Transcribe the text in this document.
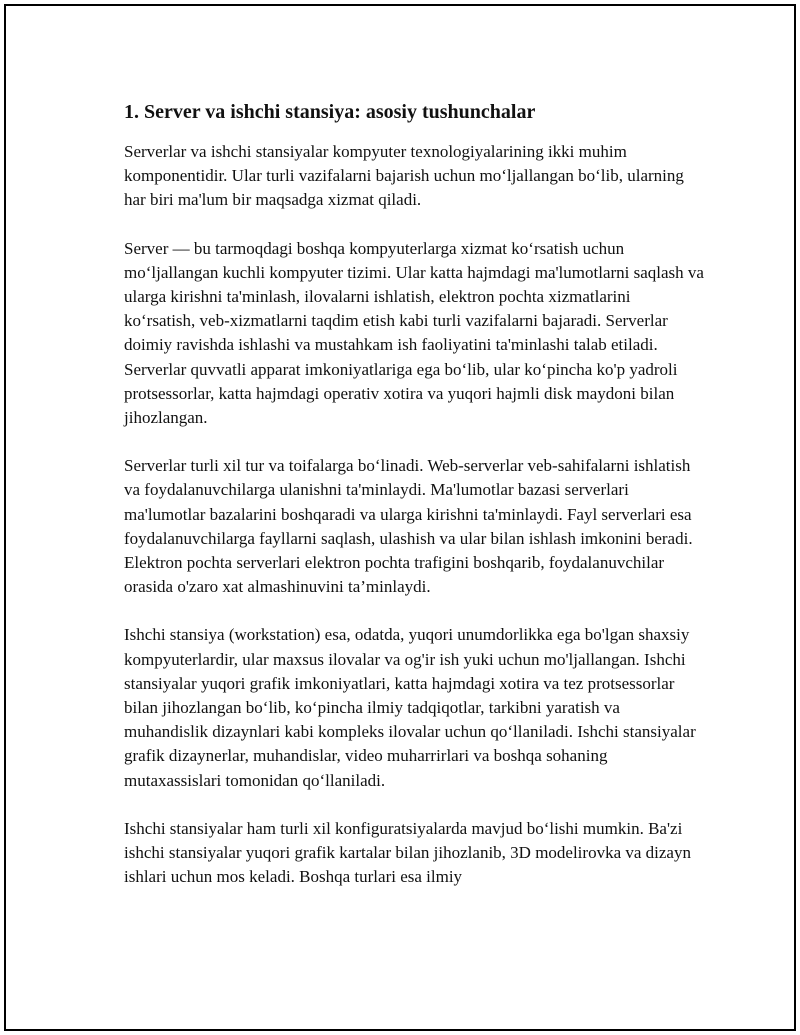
1. Server va ishchi stansiya: asosiy tushunchalar

Serverlar va ishchi stansiyalar kompyuter texnologiyalarining ikki muhim komponentidir. Ular turli vazifalarni bajarish uchun mo‘ljallangan bo‘lib, ularning har biri ma'lum bir maqsadga xizmat qiladi.

Server — bu tarmoqdagi boshqa kompyuterlarga xizmat ko‘rsatish uchun mo‘ljallangan kuchli kompyuter tizimi. Ular katta hajmdagi ma'lumotlarni saqlash va ularga kirishni ta'minlash, ilovalarni ishlatish, elektron pochta xizmatlarini ko‘rsatish, veb-xizmatlarni taqdim etish kabi turli vazifalarni bajaradi. Serverlar doimiy ravishda ishlashi va mustahkam ish faoliyatini ta'minlashi talab etiladi. Serverlar quvvatli apparat imkoniyatlariga ega bo‘lib, ular ko‘pincha ko'p yadroli protsessorlar, katta hajmdagi operativ xotira va yuqori hajmli disk maydoni bilan jihozlangan.

Serverlar turli xil tur va toifalarga bo‘linadi. Web-serverlar veb-sahifalarni ishlatish va foydalanuvchilarga ulanishni ta'minlaydi. Ma'lumotlar bazasi serverlari ma'lumotlar bazalarini boshqaradi va ularga kirishni ta'minlaydi. Fayl serverlari esa foydalanuvchilarga fayllarni saqlash, ulashish va ular bilan ishlash imkonini beradi. Elektron pochta serverlari elektron pochta trafigini boshqarib, foydalanuvchilar orasida o'zaro xat almashinuvini ta’minlaydi.

Ishchi stansiya (workstation) esa, odatda, yuqori unumdorlikka ega bo'lgan shaxsiy kompyuterlardir, ular maxsus ilovalar va og'ir ish yuki uchun mo'ljallangan. Ishchi stansiyalar yuqori grafik imkoniyatlari, katta hajmdagi xotira va tez protsessorlar bilan jihozlangan bo‘lib, ko‘pincha ilmiy tadqiqotlar, tarkibni yaratish va muhandislik dizaynlari kabi kompleks ilovalar uchun qo‘llaniladi. Ishchi stansiyalar grafik dizaynerlar, muhandislar, video muharrirlari va boshqa sohaning mutaxassislari tomonidan qo‘llaniladi.

Ishchi stansiyalar ham turli xil konfiguratsiyalarda mavjud bo‘lishi mumkin. Ba'zi ishchi stansiyalar yuqori grafik kartalar bilan jihozlanib, 3D modelirovka va dizayn ishlari uchun mos keladi. Boshqa turlari esa ilmiy
